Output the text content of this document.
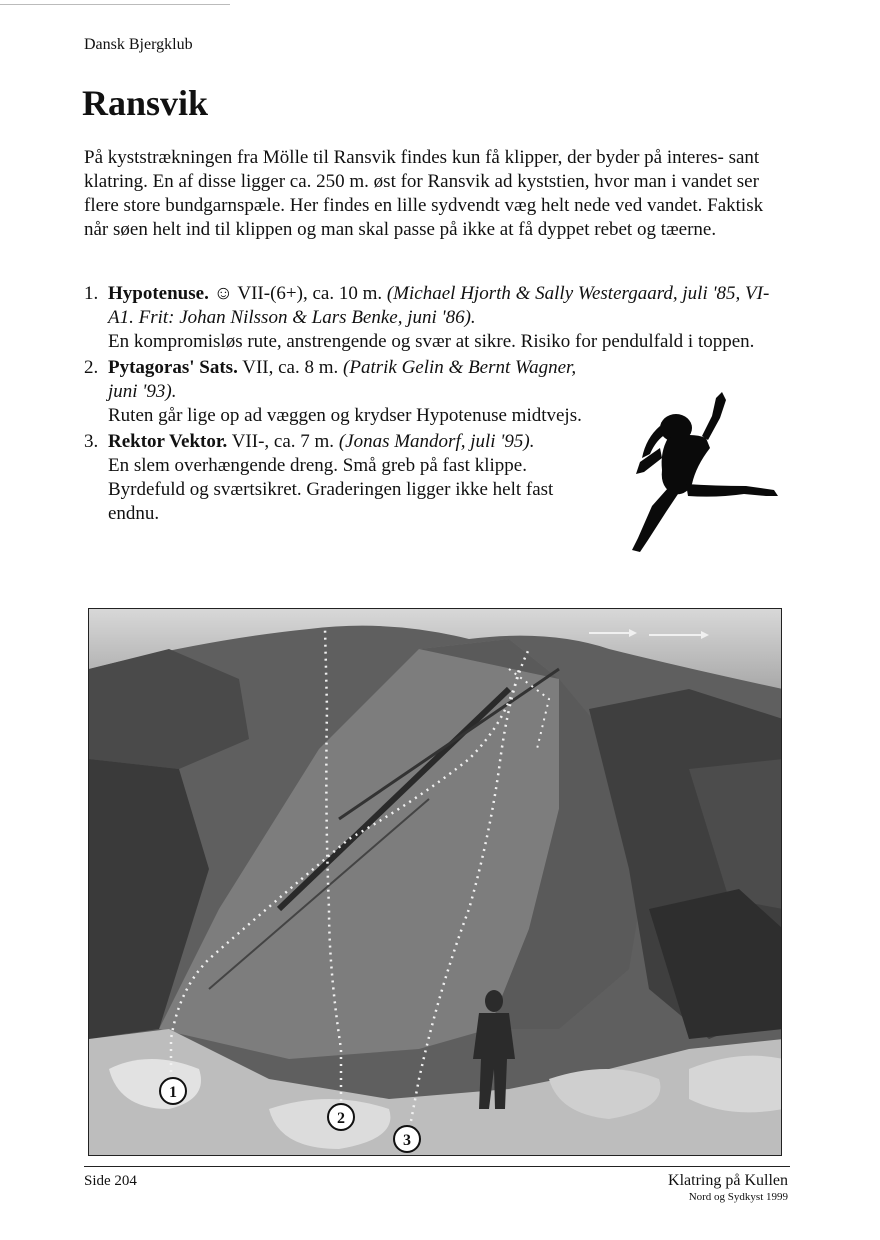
Dansk Bjergklub
Ransvik

På kyststrækningen fra Mölle til Ransvik findes kun få klipper, der byder på interes- sant klatring. En af disse ligger ca. 250 m. øst for Ransvik ad kyststien, hvor man i vandet ser flere store bundgarnspæle. Her findes en lille sydvendt væg helt nede ved vandet. Faktisk når søen helt ind til klippen og man skal passe på ikke at få dyppet rebet og tæerne.

1. Hypotenuse. ☺ VII-(6+), ca. 10 m. (Michael Hjorth & Sally Westergaard, juli '85, VI- A1. Frit: Johan Nilsson & Lars Benke, juni '86).
En kompromisløs rute, anstrengende og svær at sikre. Risiko for pendulfald i toppen.
2. Pytagoras' Sats. VII, ca. 8 m. (Patrik Gelin & Bernt Wagner, juni '93).
Ruten går lige op ad væggen og krydser Hypotenuse midtvejs.
3. Rektor Vektor. VII-, ca. 7 m. (Jonas Mandorf, juli '95).
En slem overhængende dreng. Små greb på fast klippe. Byrdefuld og sværtsikret. Graderingen ligger ikke helt fast endnu.
1
2
3
Side 204	Klatring på Kullen
Nord og Sydkyst 1999
